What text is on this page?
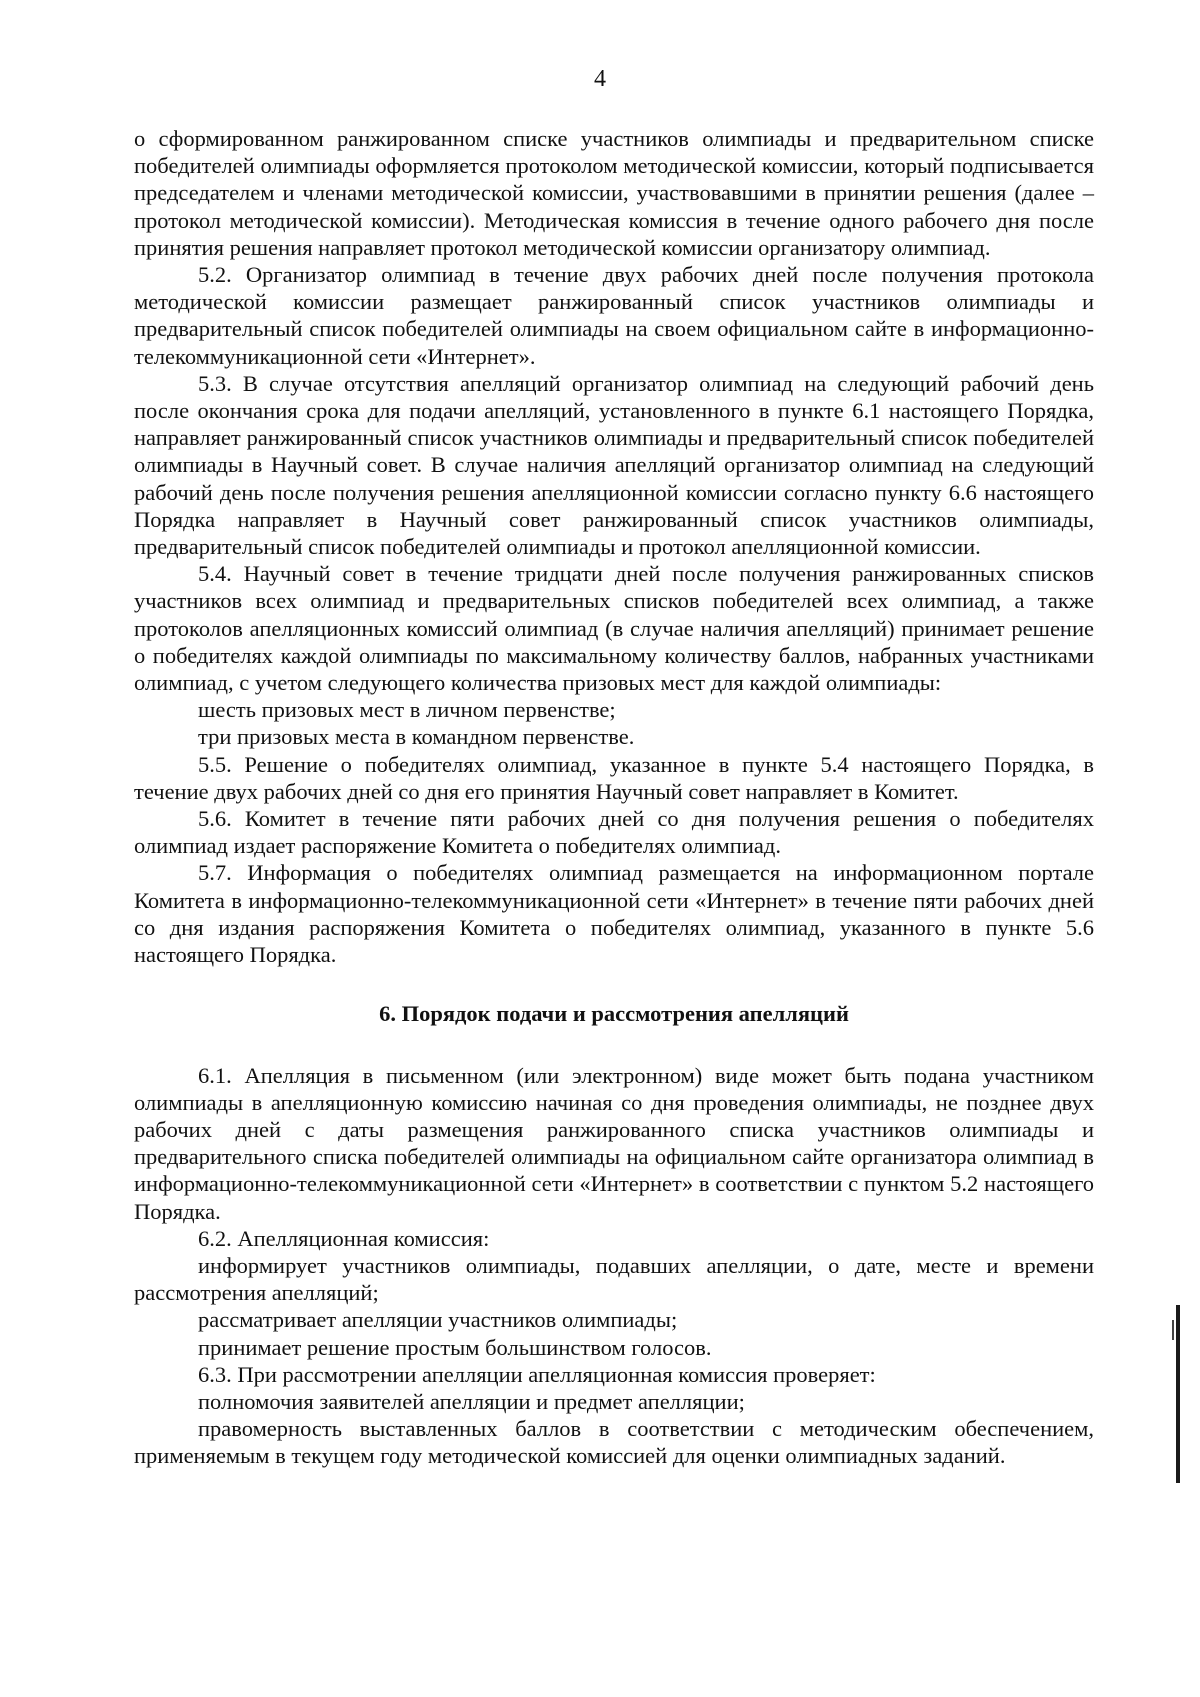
4

о сформированном ранжированном списке участников олимпиады и предварительном списке победителей олимпиады оформляется протоколом методической комиссии, который подписывается председателем и членами методической комиссии, участвовавшими в принятии решения (далее – протокол методической комиссии). Методическая комиссия в течение одного рабочего дня после принятия решения направляет протокол методической комиссии организатору олимпиад.

5.2. Организатор олимпиад в течение двух рабочих дней после получения протокола методической комиссии размещает ранжированный список участников олимпиады и предварительный список победителей олимпиады на своем официальном сайте в информационно-телекоммуникационной сети «Интернет».

5.3. В случае отсутствия апелляций организатор олимпиад на следующий рабочий день после окончания срока для подачи апелляций, установленного в пункте 6.1 настоящего Порядка, направляет ранжированный список участников олимпиады и предварительный список победителей олимпиады в Научный совет. В случае наличия апелляций организатор олимпиад на следующий рабочий день после получения решения апелляционной комиссии согласно пункту 6.6 настоящего Порядка направляет в Научный совет ранжированный список участников олимпиады, предварительный список победителей олимпиады и протокол апелляционной комиссии.

5.4. Научный совет в течение тридцати дней после получения ранжированных списков участников всех олимпиад и предварительных списков победителей всех олимпиад, а также протоколов апелляционных комиссий олимпиад (в случае наличия апелляций) принимает решение о победителях каждой олимпиады по максимальному количеству баллов, набранных участниками олимпиад, с учетом следующего количества призовых мест для каждой олимпиады:

шесть призовых мест в личном первенстве;

три призовых места в командном первенстве.

5.5. Решение о победителях олимпиад, указанное в пункте 5.4 настоящего Порядка, в течение двух рабочих дней со дня его принятия Научный совет направляет в Комитет.

5.6. Комитет в течение пяти рабочих дней со дня получения решения о победителях олимпиад издает распоряжение Комитета о победителях олимпиад.

5.7. Информация о победителях олимпиад размещается на информационном портале Комитета в информационно-телекоммуникационной сети «Интернет» в течение пяти рабочих дней со дня издания распоряжения Комитета о победителях олимпиад, указанного в пункте 5.6 настоящего Порядка.

6. Порядок подачи и рассмотрения апелляций

6.1. Апелляция в письменном (или электронном) виде может быть подана участником олимпиады в апелляционную комиссию начиная со дня проведения олимпиады, не позднее двух рабочих дней с даты размещения ранжированного списка участников олимпиады и предварительного списка победителей олимпиады на официальном сайте организатора олимпиад в информационно-телекоммуникационной сети «Интернет» в соответствии с пунктом 5.2 настоящего Порядка.

6.2. Апелляционная комиссия:

информирует участников олимпиады, подавших апелляции, о дате, месте и времени рассмотрения апелляций;

рассматривает апелляции участников олимпиады;

принимает решение простым большинством голосов.

6.3. При рассмотрении апелляции апелляционная комиссия проверяет:

полномочия заявителей апелляции и предмет апелляции;

правомерность выставленных баллов в соответствии с методическим обеспечением, применяемым в текущем году методической комиссией для оценки олимпиадных заданий.
